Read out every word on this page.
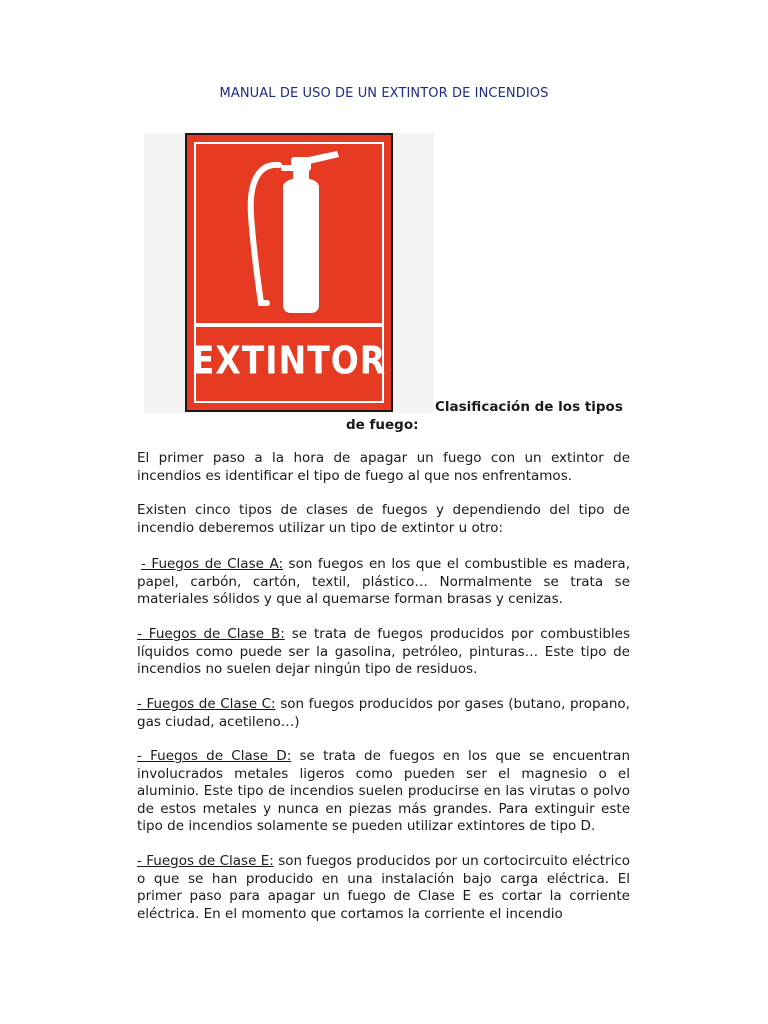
MANUAL DE USO DE UN EXTINTOR DE INCENDIOS
EXTINTOR
Clasificación de los tipos
de fuego:
El primer paso a la hora de apagar un fuego con un extintor de incendios es identificar el tipo de fuego al que nos enfrentamos.
Existen cinco tipos de clases de fuegos y dependiendo del tipo de incendio deberemos utilizar un tipo de extintor u otro:
- Fuegos de Clase A: son fuegos en los que el combustible es madera, papel, carbón, cartón, textil, plástico… Normalmente se trata se materiales sólidos y que al quemarse forman brasas y cenizas.
- Fuegos de Clase B: se trata de fuegos producidos por combustibles líquidos como puede ser la gasolina, petróleo, pinturas… Este tipo de incendios no suelen dejar ningún tipo de residuos.
- Fuegos de Clase C: son fuegos producidos por gases (butano, propano, gas ciudad, acetileno…)
- Fuegos de Clase D: se trata de fuegos en los que se encuentran involucrados metales ligeros como pueden ser el magnesio o el aluminio. Este tipo de incendios suelen producirse en las virutas o polvo de estos metales y nunca en piezas más grandes. Para extinguir este tipo de incendios solamente se pueden utilizar extintores de tipo D.
- Fuegos de Clase E: son fuegos producidos por un cortocircuito eléctrico o que se han producido en una instalación bajo carga eléctrica. El primer paso para apagar un fuego de Clase E es cortar la corriente eléctrica. En el momento que cortamos la corriente el incendio
